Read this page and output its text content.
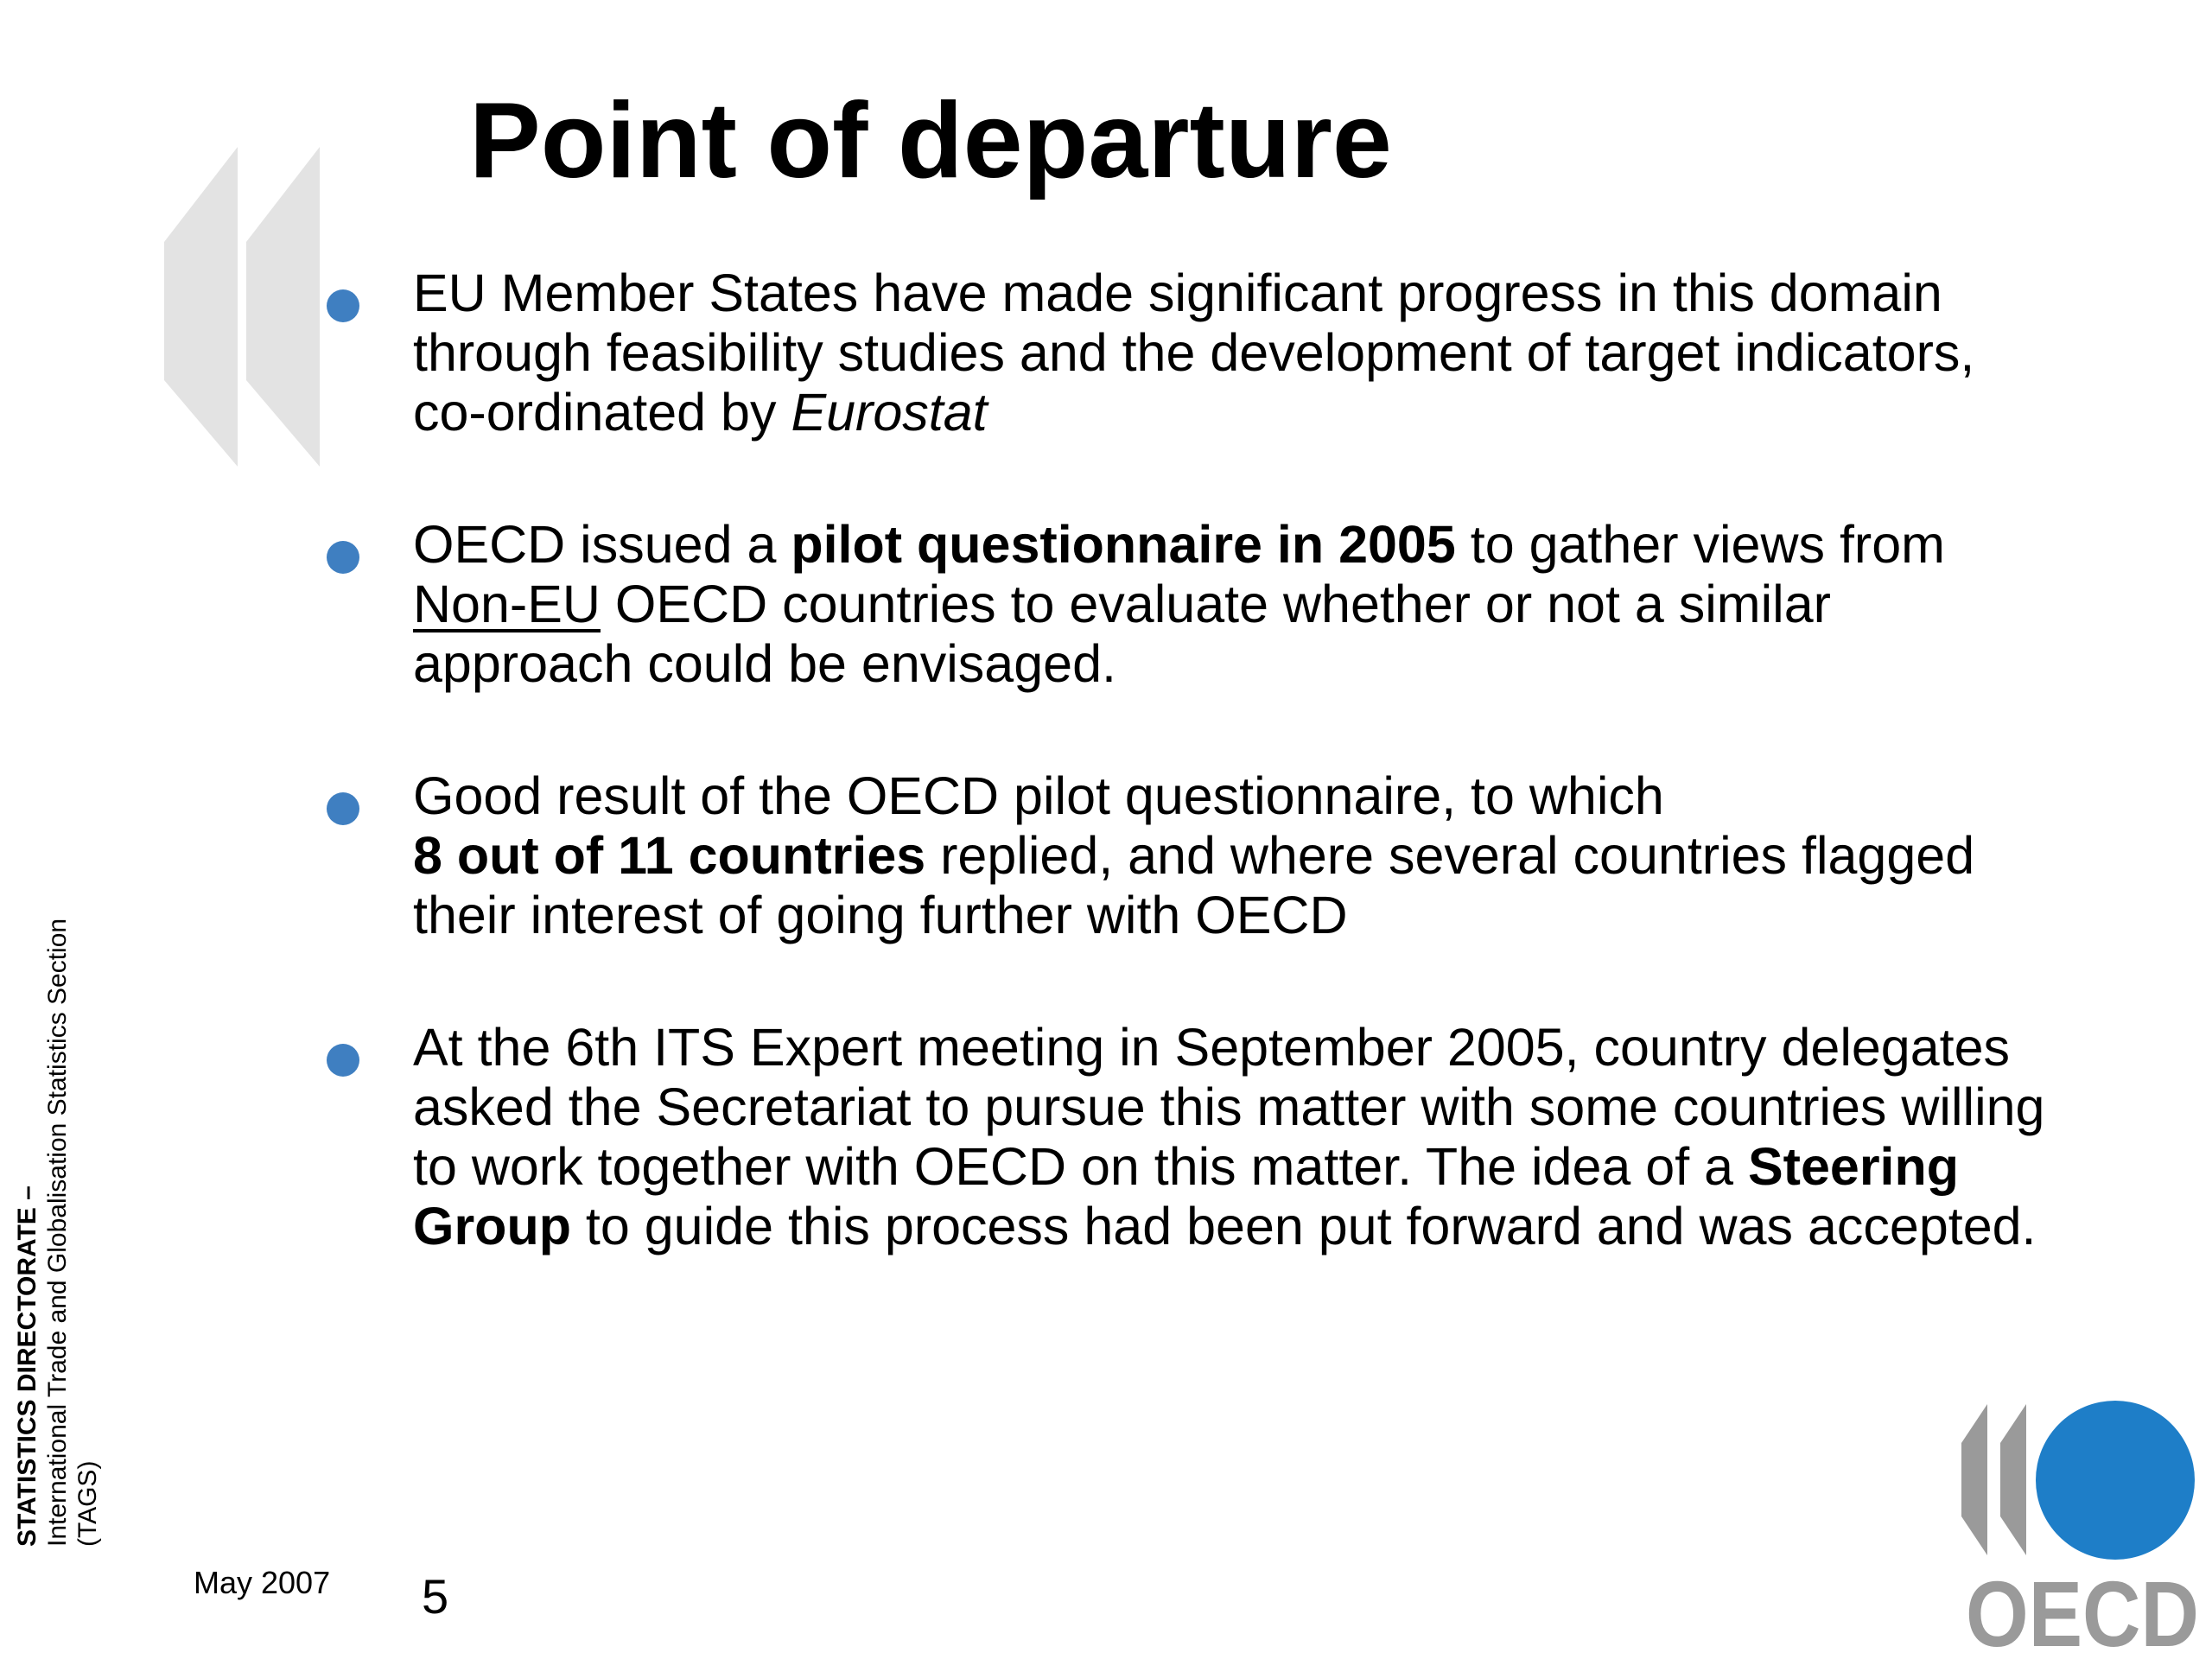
Point of departure
EU Member States have made significant progress in this domain
through feasibility studies and the development of target indicators,
co-ordinated by Eurostat
OECD issued a pilot questionnaire in 2005 to gather views from
Non-EU OECD countries to evaluate whether or not a similar
approach could be envisaged.
Good result of the OECD pilot questionnaire, to which
8 out of 11 countries replied, and where several countries flagged
their interest of going further with OECD
At the 6th ITS Expert meeting in September 2005, country delegates
asked the Secretariat to pursue this matter with some countries willing
to work together with OECD on this matter. The idea of a Steering
Group to guide this process had been put forward and was accepted.
STATISTICS DIRECTORATE – International Trade and Globalisation Statistics Section (TAGS)
May 2007 5	OECD
